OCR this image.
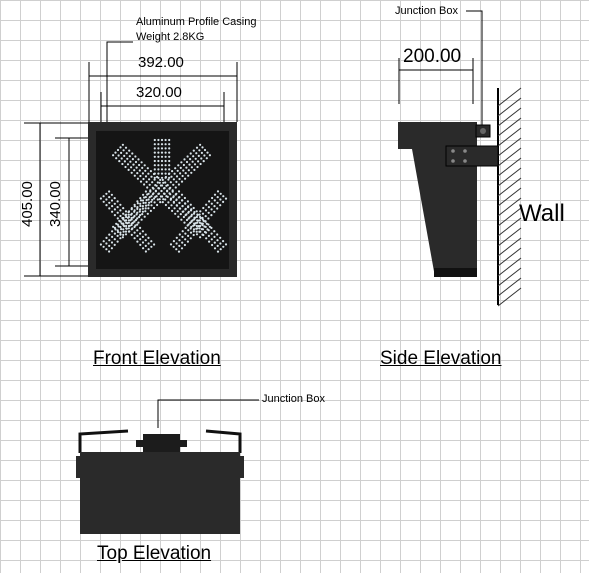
Aluminum Profile Casing
Weight 2.8KG
392.00
320.00
405.00 340.00
Front Elevation
Junction Box
200.00
Wall
Side Elevation
Junction Box
Top Elevation
